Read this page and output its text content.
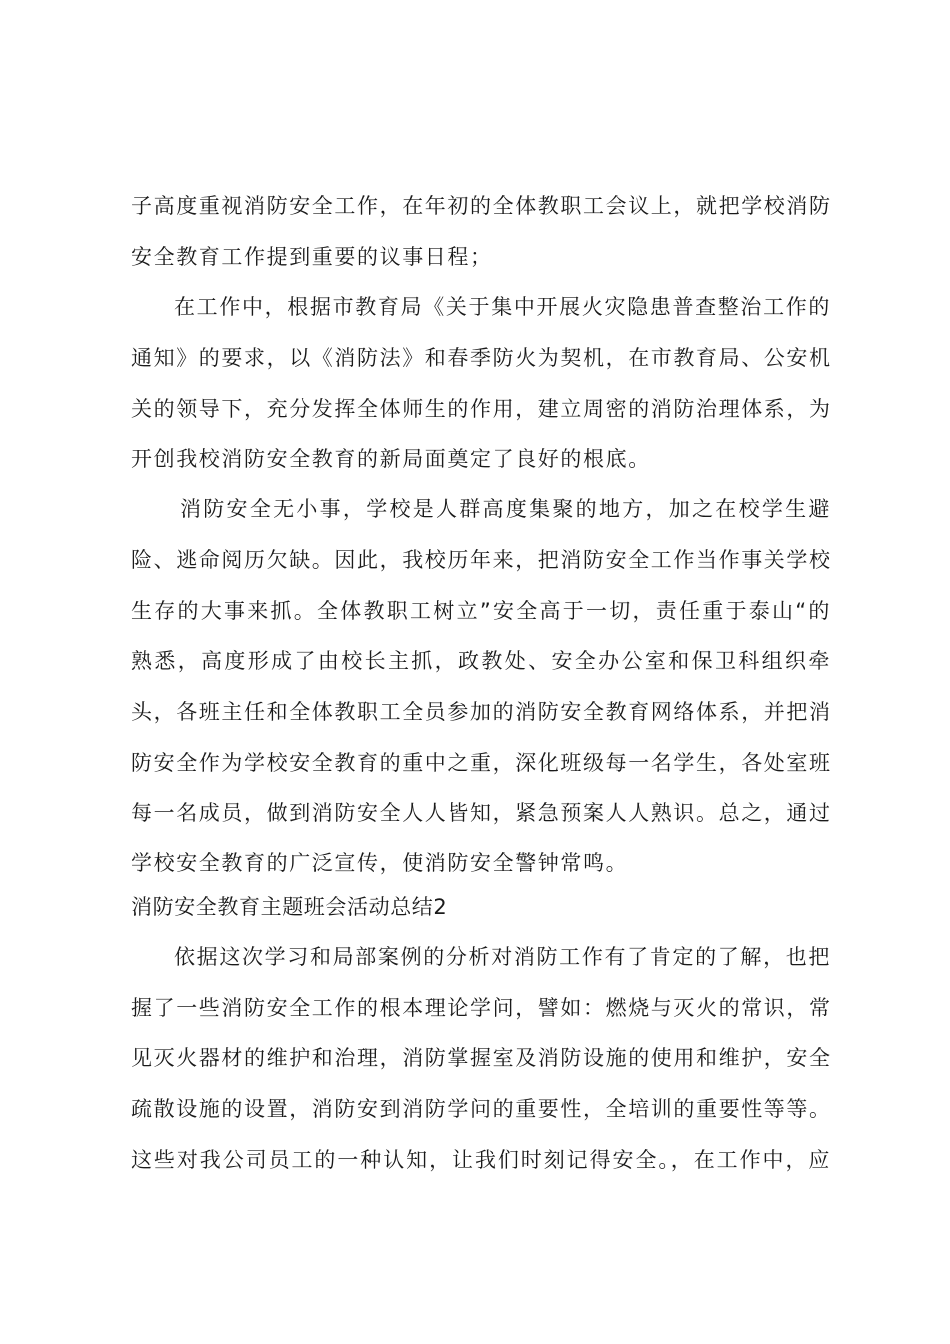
子高度重视消防安全工作，在年初的全体教职工会议上，就把学校消防
安全教育工作提到重要的议事日程；
在工作中，根据市教育局《关于集中开展火灾隐患普查整治工作的
通知》的要求，以《消防法》和春季防火为契机，在市教育局、公安机
关的领导下，充分发挥全体师生的作用，建立周密的消防治理体系，为
开创我校消防安全教育的新局面奠定了良好的根底。
消防安全无小事，学校是人群高度集聚的地方，加之在校学生避
险、逃命阅历欠缺。因此，我校历年来，把消防安全工作当作事关学校
生存的大事来抓。全体教职工树立”安全高于一切，责任重于泰山“的
熟悉，高度形成了由校长主抓，政教处、安全办公室和保卫科组织牵
头，各班主任和全体教职工全员参加的消防安全教育网络体系，并把消
防安全作为学校安全教育的重中之重，深化班级每一名学生，各处室班
每一名成员，做到消防安全人人皆知，紧急预案人人熟识。总之，通过
学校安全教育的广泛宣传，使消防安全警钟常鸣。
消防安全教育主题班会活动总结2
依据这次学习和局部案例的分析对消防工作有了肯定的了解，也把
握了一些消防安全工作的根本理论学问，譬如：燃烧与灭火的常识，常
见灭火器材的维护和治理，消防掌握室及消防设施的使用和维护，安全
疏散设施的设置，消防安到消防学问的重要性，全培训的重要性等等。
这些对我公司员工的一种认知，让我们时刻记得安全。，在工作中，应
